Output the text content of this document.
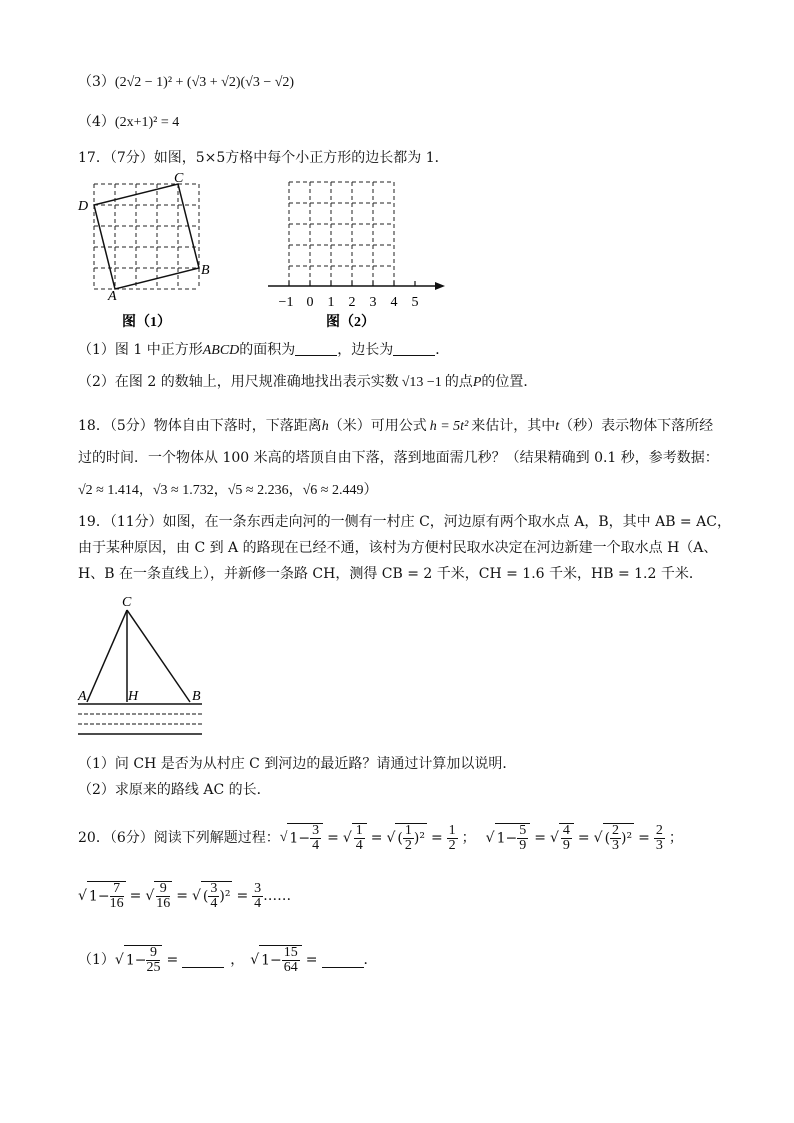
（3）(2√2 − 1)² + (√3 + √2)(√3 − √2)
（4）(2x+1)² = 4
17．（7分）如图，5×5方格中每个小正方形的边长都为 1．
C
D
B
A
图（1）
−1 0 1 2 3 4 5
图（2）
（1）图 1 中正方形ABCD的面积为	，边长为	．
（2）在图 2 的数轴上，用尺规准确地找出表示实数 √13 −1 的点P的位置．
18．（5分）物体自由下落时，下落距离h（米）可用公式 h = 5t² 来估计，其中t（秒）表示物体下落所经
过的时间．一个物体从 100 米高的塔顶自由下落，落到地面需几秒？（结果精确到 0.1 秒，参考数据：
√2 ≈ 1.414，√3 ≈ 1.732，√5 ≈ 2.236，√6 ≈ 2.449）
19．（11分）如图，在一条东西走向河的一侧有一村庄 C，河边原有两个取水点 A，B，其中 AB = AC，
由于某种原因，由 C 到 A 的路现在已经不通，该村为方便村民取水决定在河边新建一个取水点 H（A、
H、B 在一条直线上），并新修一条路 CH，测得 CB = 2 千米，CH = 1.6 千米，HB = 1.2 千米．
C
A	H	B
（1）问 CH 是否为从村庄 C 到河边的最近路？请通过计算加以说明．
（2）求原来的路线 AC 的长．
20．（6分）阅读下列解题过程： √ $1- \frac{3}{4}$ = √ $\frac{1}{4}$ = √ ( $\frac{1}{2} )^2 = \frac{1}{2}$ ； √ $1- \frac{5}{9}$ = √ $\frac{4}{9}$ = √ ( $\frac{2}{3} )^2 = \frac{2}{3}$ ；
√ $1- \frac{7}{16}$ = √ $\frac{9}{16}$ = √ ( $\frac{3}{4} )^2 = \frac{3}{4}$ ……
（1） √ $1- \frac{9}{25}$ =	， √ $1- \frac{15}{64}$ =	．
